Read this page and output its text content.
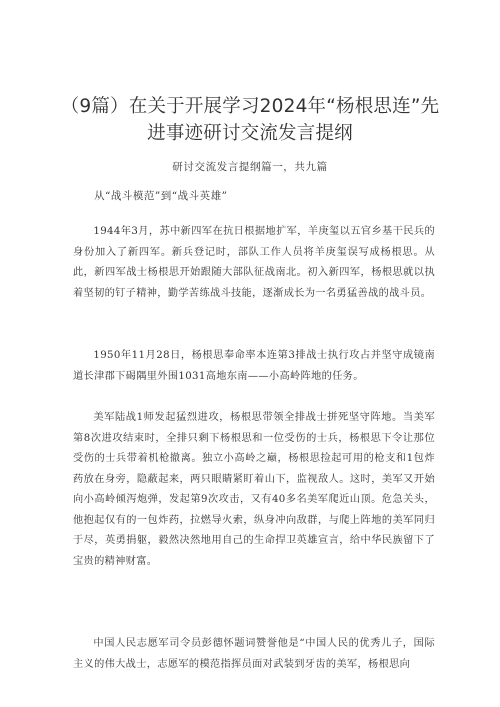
（9篇）在关于开展学习2024年“杨根思连”先进事迹研讨交流发言提纲
研讨交流发言提纲篇一，共九篇
从“战斗模范”到“战斗英雄”

1944年3月，苏中新四军在抗日根据地扩军，羊庚玺以五官乡基干民兵的身份加入了新四军。新兵登记时，部队工作人员将羊庚玺误写成杨根思。从此，新四军战士杨根思开始跟随大部队征战南北。初入新四军，杨根思就以执着坚韧的钉子精神，勤学苦练战斗技能，逐渐成长为一名勇猛善战的战斗员。

1950年11月28日，杨根思奉命率本连第3排战士执行攻占并坚守成镜南道长津郡下碣隅里外围1031高地东南——小高岭阵地的任务。

美军陆战1师发起猛烈进攻，杨根思带领全排战士拼死坚守阵地。当美军第8次进攻结束时，全排只剩下杨根思和一位受伤的士兵，杨根思下令让那位受伤的士兵带着机枪撤离。独立小高岭之巅，杨根思捡起可用的枪支和1包炸药放在身旁，隐蔽起来，两只眼睛紧盯着山下，监视敌人。这时，美军又开始向小高岭倾泻炮弹，发起第9次攻击，又有40多名美军爬近山顶。危急关头，他抱起仅有的一包炸药，拉燃导火索，纵身冲向敌群，与爬上阵地的美军同归于尽，英勇捐躯，毅然决然地用自己的生命捍卫英雄宣言，给中华民族留下了宝贵的精神财富。

中国人民志愿军司令员彭德怀题词赞誉他是“中国人民的优秀儿子，国际主义的伟大战士，志愿军的模范指挥员面对武装到牙齿的美军，杨根思向
